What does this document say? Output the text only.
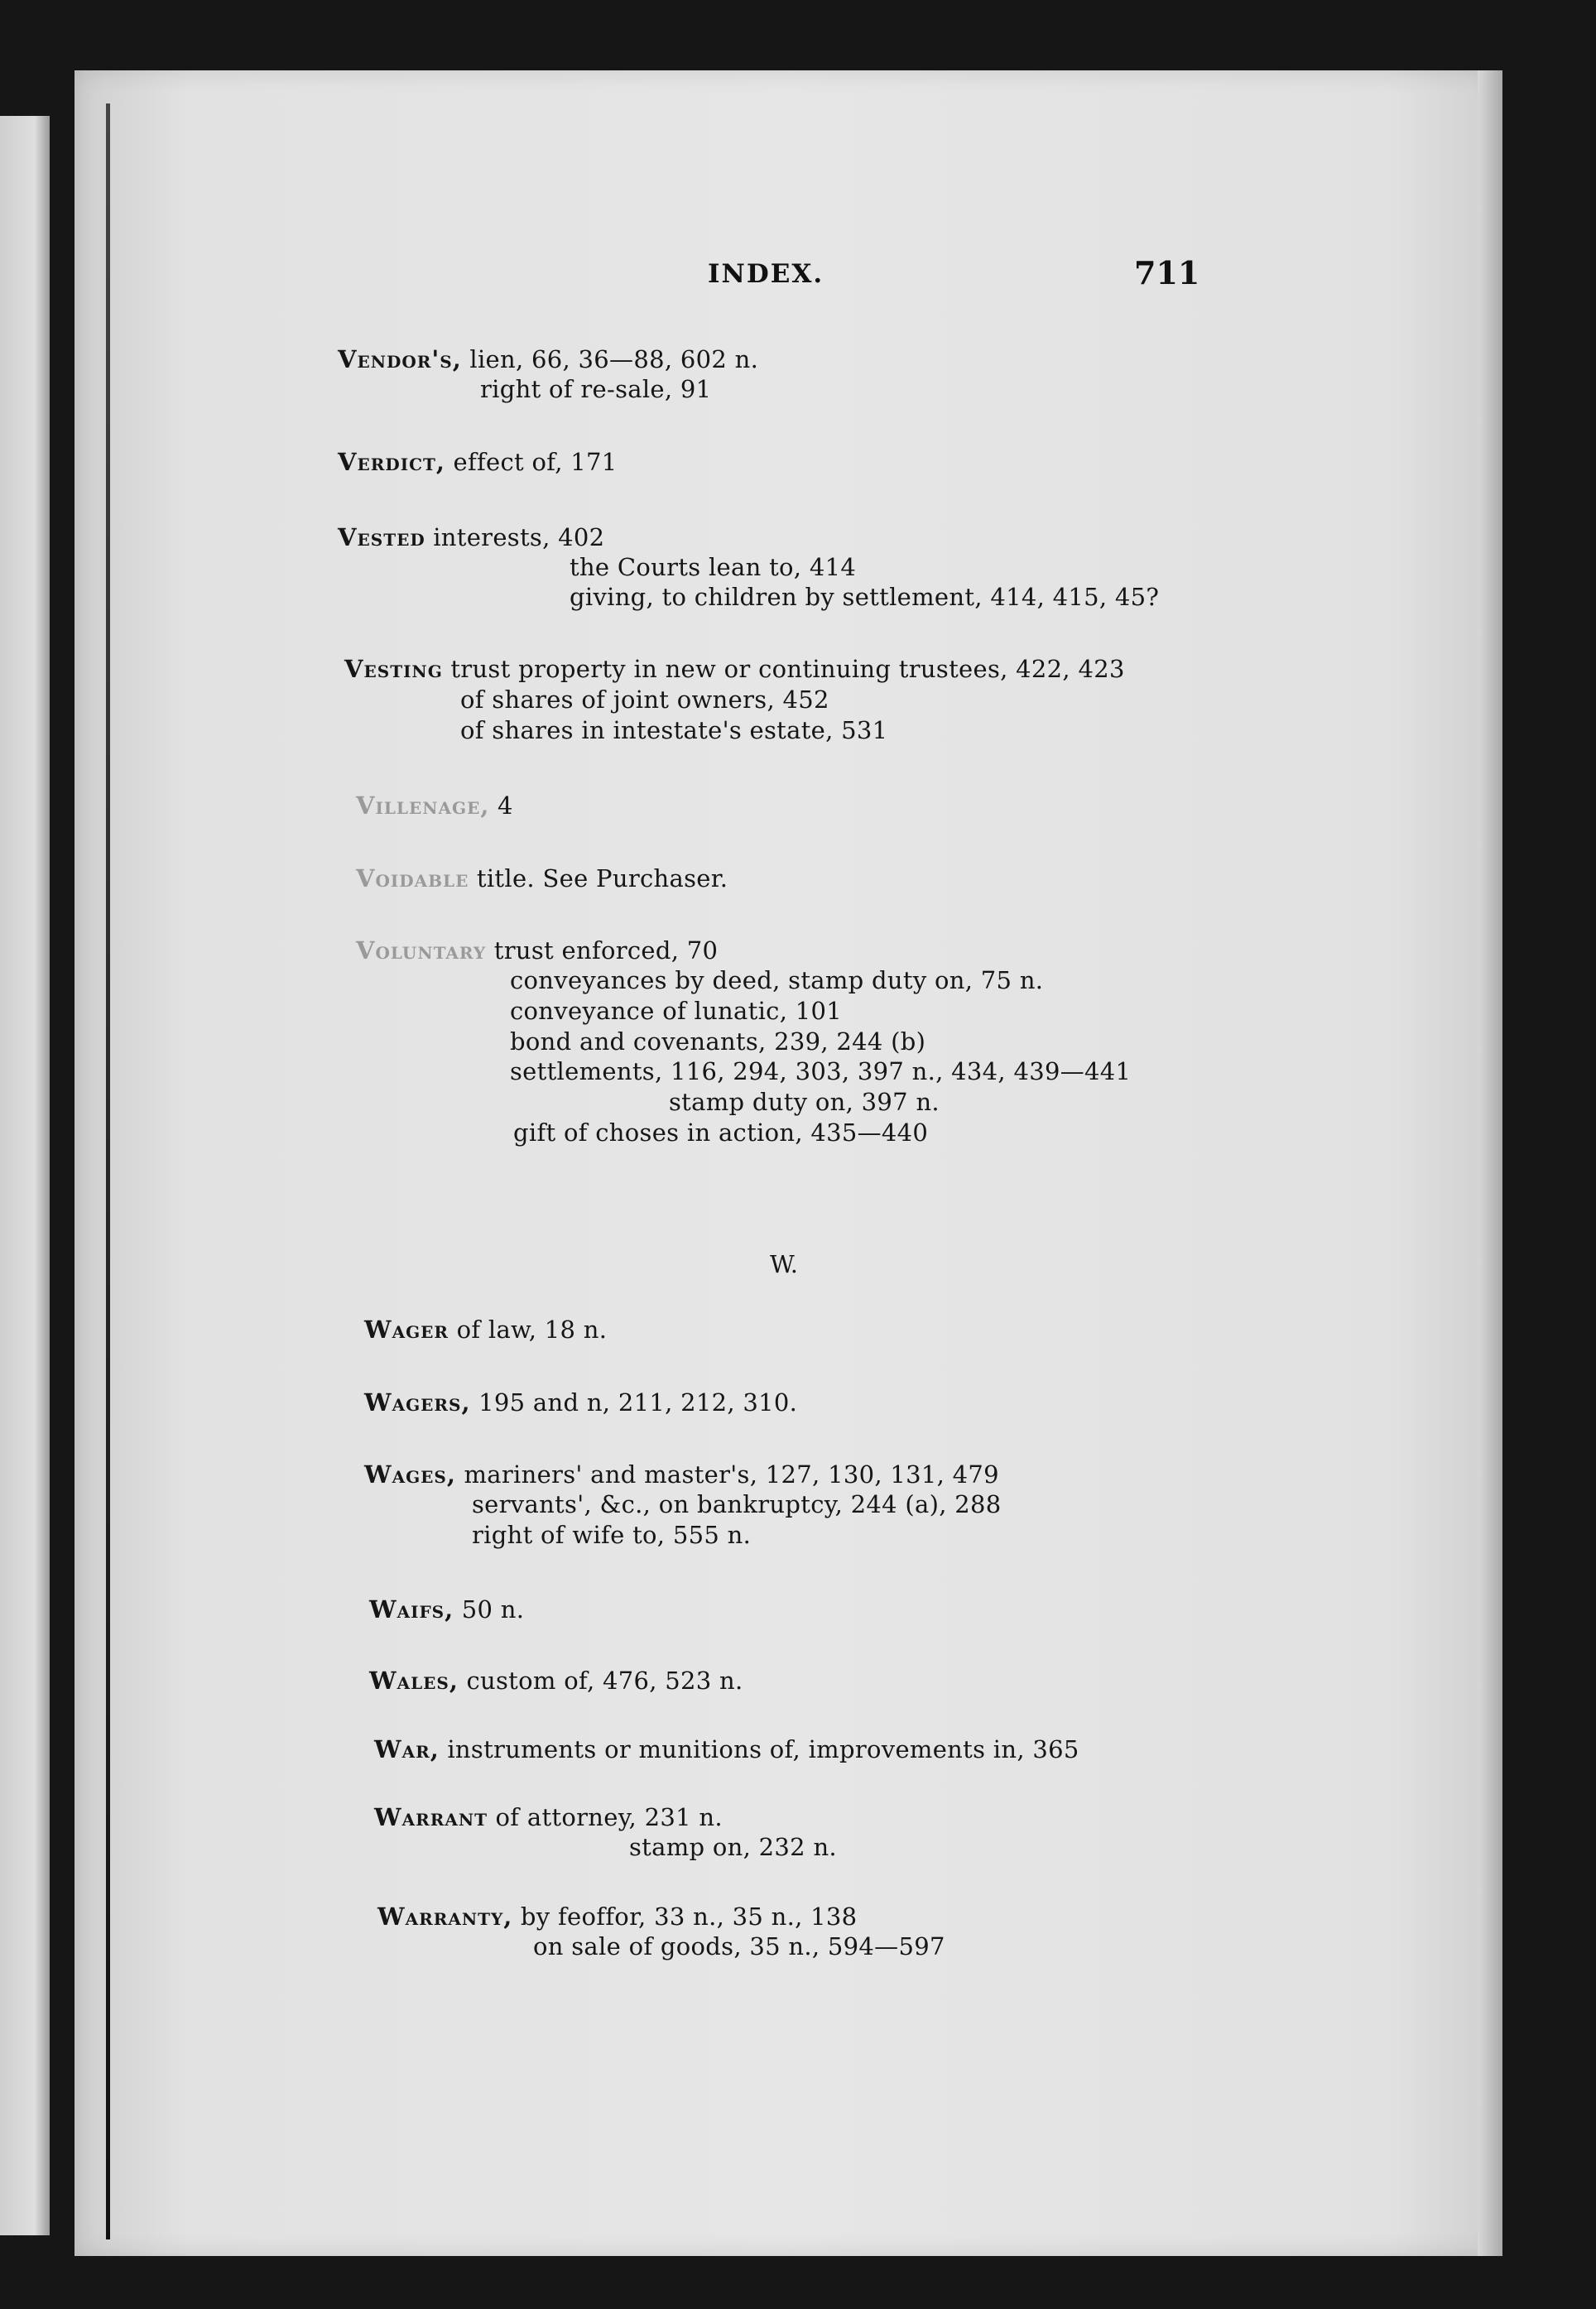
INDEX.	711
Vendor's, lien, 66, 36—88, 602 n.
right of re-sale, 91
Verdict, effect of, 171
Vested interests, 402
the Courts lean to, 414
giving, to children by settlement, 414, 415, 45?
Vesting trust property in new or continuing trustees, 422, 423
of shares of joint owners, 452
of shares in intestate's estate, 531
Villenage, 4
Voidable title. See Purchaser.
Voluntary trust enforced, 70
conveyances by deed, stamp duty on, 75 n.
conveyance of lunatic, 101
bond and covenants, 239, 244 (b)
settlements, 116, 294, 303, 397 n., 434, 439—441
stamp duty on, 397 n.
gift of choses in action, 435—440
W.
Wager of law, 18 n.
Wagers, 195 and n, 211, 212, 310.
Wages, mariners' and master's, 127, 130, 131, 479
servants', &c., on bankruptcy, 244 (a), 288
right of wife to, 555 n.
Waifs, 50 n.
Wales, custom of, 476, 523 n.
War, instruments or munitions of, improvements in, 365
Warrant of attorney, 231 n.
stamp on, 232 n.
Warranty, by feoffor, 33 n., 35 n., 138
on sale of goods, 35 n., 594—597
